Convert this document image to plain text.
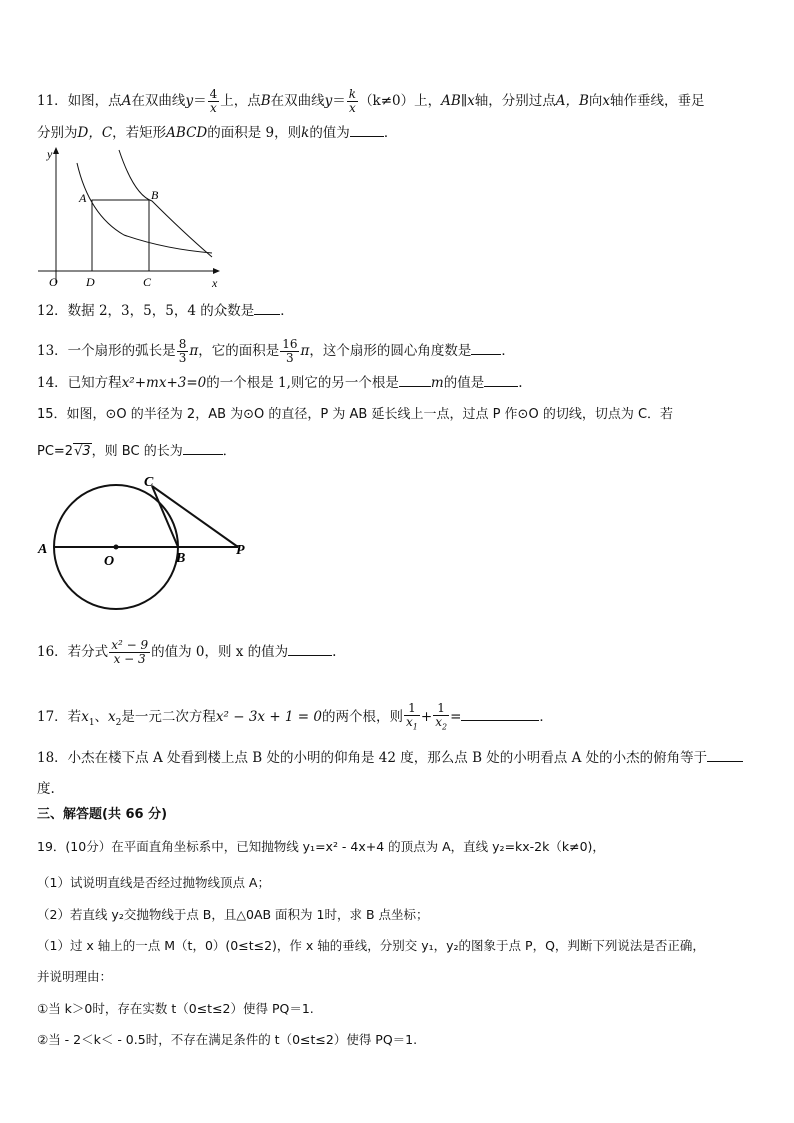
11．如图，点A在双曲线$y= \frac{4}{x}$ 上，点B在双曲线$y= \frac{k}{x} (k\ne 0)$上，AB∥x轴，分别过点A，B向x轴作垂线，垂足
分别为D，C，若矩形ABCD的面积是 9，则k的值为	．
y
x
O
A	B
D	C
12．数据 2，3，5，5，4 的众数是 ．
13．一个扇形的弧长是 $\frac{8}{3}$ π，它的面积是 $\frac{16}{3}$ π，这个扇形的圆心角度数是 ．
14．已知方程x²+mx+3=0的一个根是 1,则它的另一个根是 m的值是	.
15．如图，⊙O 的半径为 2，AB 为⊙O 的直径，P 为 AB 延长线上一点，过点 P 作⊙O 的切线，切点为 C．若
PC=2√3，则 BC 的长为	．
A
O	B
P
C
16．若分式 $\frac{\text{x² − 9}}{x - 3}$ 的值为 0，则 x 的值为	.
17．若$x_1$、$x_2$是一元二次方程x² − 3x + 1 = 0的两个根，则 $\frac{1}{x_1} + \frac{1}{x_2}$ =	．
18．小杰在楼下点 A 处看到楼上点 B 处的小明的仰角是 42 度，那么点 B 处的小明看点 A 处的小杰的俯角等于
度.
三、解答题(共 66 分)
19．(10分）在平面直角坐标系中，已知抛物线 y₁=x² - 4x+4 的顶点为 A，直线 y₂=kx-2k（k≠0)，
（1）试说明直线是否经过抛物线顶点 A；
（2）若直线 y₂交抛物线于点 B，且△0AB 面积为 1时，求 B 点坐标；
（1）过 x 轴上的一点 M（t，0）(0≤t≤2)，作 x 轴的垂线，分别交 y₁，y₂的图象于点 P，Q，判断下列说法是否正确，
并说明理由：
①当 k＞0时，存在实数 t（0≤t≤2）使得 PQ＝1.
②当 - 2＜k＜ - 0.5时，不存在满足条件的 t（0≤t≤2）使得 PQ＝1.
